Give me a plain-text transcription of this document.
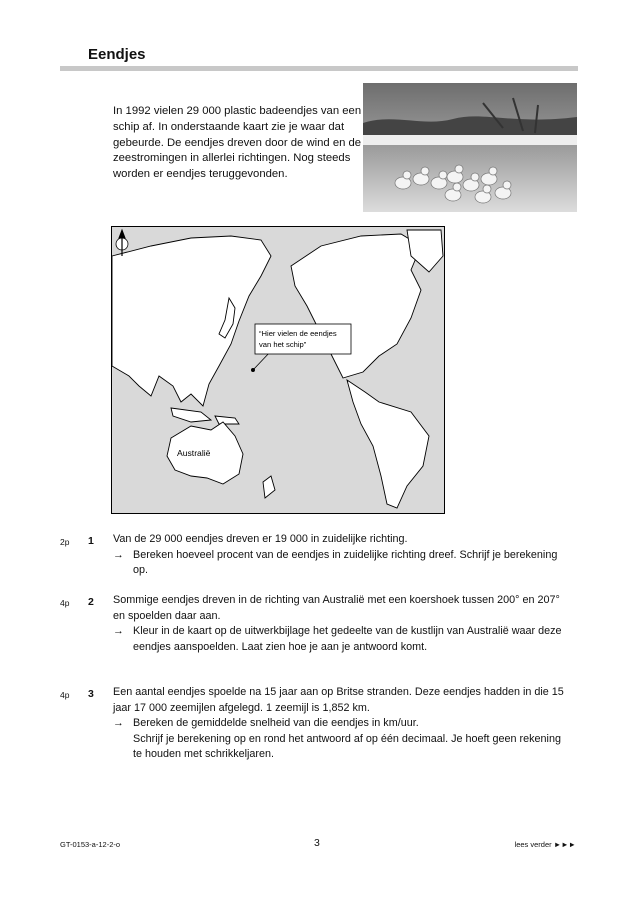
Eendjes
In 1992 vielen 29 000 plastic badeendjes van een schip af. In onderstaande kaart zie je waar dat gebeurde. De eendjes dreven door de wind en de zeestromingen in allerlei richtingen. Nog steeds worden er eendjes teruggevonden.
“Hier vielen de eendjes
van het schip”
Australië
2p 1 Van de 29 000 eendjes dreven er 19 000 in zuidelijke richting.
→ Bereken hoeveel procent van de eendjes in zuidelijke richting dreef. Schrijf je berekening op.
4p 2 Sommige eendjes dreven in de richting van Australië met een koershoek tussen 200° en 207° en spoelden daar aan.
→ Kleur in de kaart op de uitwerkbijlage het gedeelte van de kustlijn van Australië waar deze eendjes aanspoelden. Laat zien hoe je aan je antwoord komt.
4p 3 Een aantal eendjes spoelde na 15 jaar aan op Britse stranden. Deze eendjes hadden in die 15 jaar 17 000 zeemijlen afgelegd. 1 zeemijl is 1,852 km.
→ Bereken de gemiddelde snelheid van die eendjes in km/uur.
Schrijf je berekening op en rond het antwoord af op één decimaal. Je hoeft geen rekening te houden met schrikkeljaren.
GT-0153-a-12-2-o	3	lees verder ►►►
